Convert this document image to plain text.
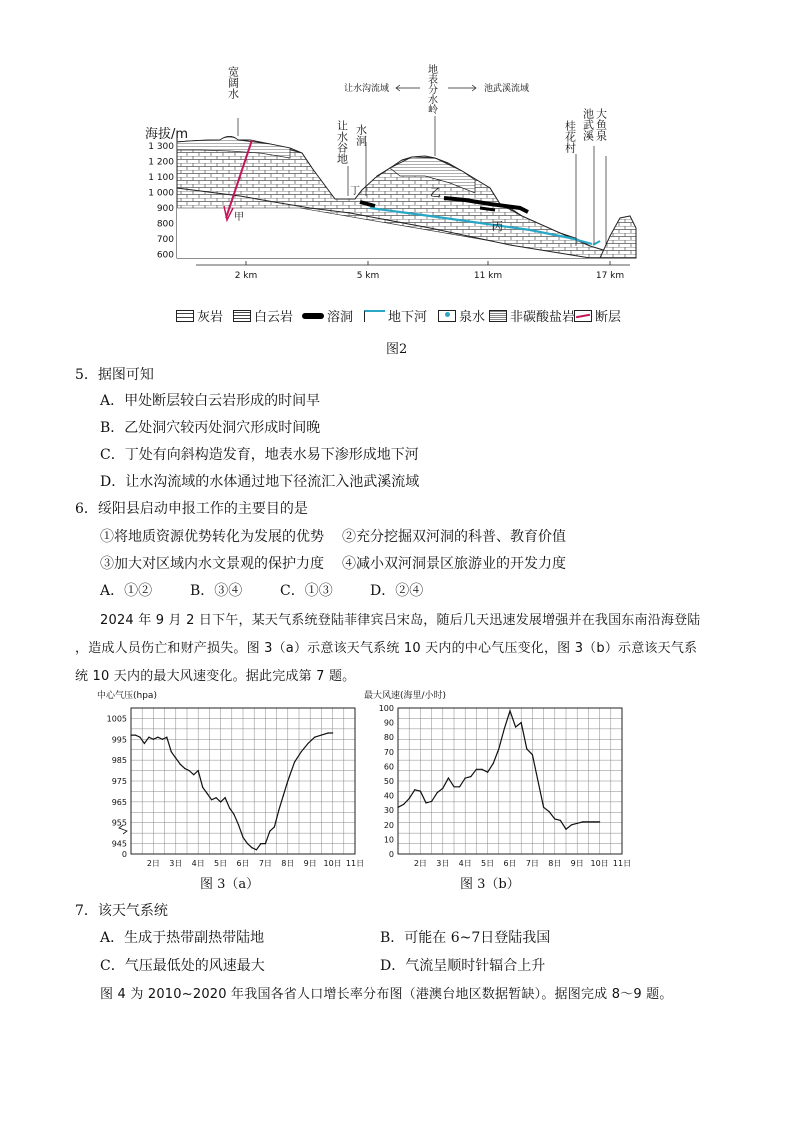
1 300
1 200
1 100
1 000
900
800
700
600
海拔/m
甲
宽阔水
让水谷地 水洞
地表分水岭
桂花村 池武溪 大鱼泉
让水沟流域	池武溪流域
乙
丙
丁
2 km	5 km	11 km	17 km
灰岩 白云岩	溶洞	地下河 泉水 非碳酸盐岩 断层
图2
5．据图可知
A．甲处断层较白云岩形成的时间早
B．乙处洞穴较丙处洞穴形成时间晚
C．丁处有向斜构造发育，地表水易下渗形成地下河
D．让水沟流域的水体通过地下径流汇入池武溪流域
6．绥阳县启动申报工作的主要目的是
①将地质资源优势转化为发展的优势 ②充分挖掘双河洞的科普、教育价值
③加大对区域内水文景观的保护力度 ④减小双河洞景区旅游业的开发力度
A．①②	B．③④	C．①③	D．②④
2024 年 9 月 2 日下午，某天气系统登陆菲律宾吕宋岛，随后几天迅速发展增强并在我国东南沿海登陆
，造成人员伤亡和财产损失。图 3（a）示意该天气系统 10 天内的中心气压变化，图 3（b）示意该天气系
统 10 天内的最大风速变化。据此完成第 7 题。
中心气压(hpa)
1005
995
985
975
965
955
945
0
2日 3日 4日 5日 6日 7日 8日 9日 10日 11日
图 3（a）
最大风速(海里/小时)
100
90
80
70
60
50
40
30
20
10
0
2日 3日 4日 5日 6日 7日 8日 9日 10日 11日
图 3（b）
7．该天气系统
A．生成于热带副热带陆地	B．可能在 6~7日登陆我国
C．气压最低处的风速最大	D．气流呈顺时针辐合上升
图 4 为 2010~2020 年我国各省人口增长率分布图（港澳台地区数据暂缺）。据图完成 8～9 题。
